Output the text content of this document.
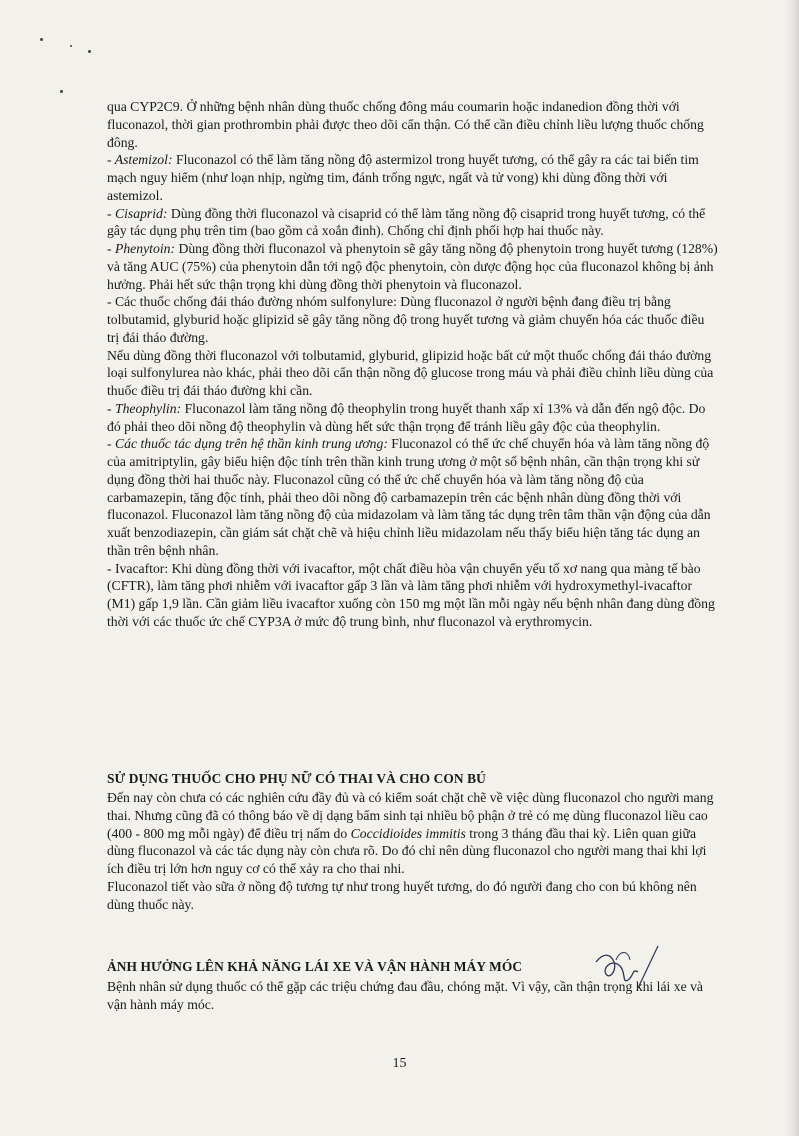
qua CYP2C9. Ở những bệnh nhân dùng thuốc chống đông máu coumarin hoặc indanedion đồng thời với fluconazol, thời gian prothrombin phải được theo dõi cẩn thận. Có thể cần điều chỉnh liều lượng thuốc chống đông.

- Astemizol: Fluconazol có thể làm tăng nồng độ astermizol trong huyết tương, có thể gây ra các tai biến tim mạch nguy hiểm (như loạn nhịp, ngừng tim, đánh trống ngực, ngất và tử vong) khi dùng đồng thời với astemizol.

- Cisaprid: Dùng đồng thời fluconazol và cisaprid có thể làm tăng nồng độ cisaprid trong huyết tương, có thể gây tác dụng phụ trên tim (bao gồm cả xoắn đinh). Chống chỉ định phối hợp hai thuốc này.

- Phenytoin: Dùng đồng thời fluconazol và phenytoin sẽ gây tăng nồng độ phenytoin trong huyết tương (128%) và tăng AUC (75%) của phenytoin dẫn tới ngộ độc phenytoin, còn dược động học của fluconazol không bị ảnh hưởng. Phải hết sức thận trọng khi dùng đồng thời phenytoin và fluconazol.

- Các thuốc chống đái tháo đường nhóm sulfonylure: Dùng fluconazol ở người bệnh đang điều trị bằng tolbutamid, glyburid hoặc glipizid sẽ gây tăng nồng độ trong huyết tương và giảm chuyển hóa các thuốc điều trị đái tháo đường.

Nếu dùng đồng thời fluconazol với tolbutamid, glyburid, glipizid hoặc bất cứ một thuốc chống đái tháo đường loại sulfonylurea nào khác, phải theo dõi cẩn thận nồng độ glucose trong máu và phải điều chỉnh liều dùng của thuốc điều trị đái tháo đường khi cần.

- Theophylin: Fluconazol làm tăng nồng độ theophylin trong huyết thanh xấp xỉ 13% và dẫn đến ngộ độc. Do đó phải theo dõi nồng độ theophylin và dùng hết sức thận trọng để tránh liều gây độc của theophylin.

- Các thuốc tác dụng trên hệ thần kinh trung ương: Fluconazol có thể ức chế chuyển hóa và làm tăng nồng độ của amitriptylin, gây biểu hiện độc tính trên thần kinh trung ương ở một số bệnh nhân, cần thận trọng khi sử dụng đồng thời hai thuốc này. Fluconazol cũng có thể ức chế chuyển hóa và làm tăng nồng độ của carbamazepin, tăng độc tính, phải theo dõi nồng độ carbamazepin trên các bệnh nhân dùng đồng thời với fluconazol. Fluconazol làm tăng nồng độ của midazolam và làm tăng tác dụng trên tâm thần vận động của dẫn xuất benzodiazepin, cần giám sát chặt chẽ và hiệu chỉnh liều midazolam nếu thấy biểu hiện tăng tác dụng an thần trên bệnh nhân.

- Ivacaftor: Khi dùng đồng thời với ivacaftor, một chất điều hòa vận chuyển yếu tố xơ nang qua màng tế bào (CFTR), làm tăng phơi nhiễm với ivacaftor gấp 3 lần và làm tăng phơi nhiễm với hydroxymethyl-ivacaftor (M1) gấp 1,9 lần. Cần giảm liều ivacaftor xuống còn 150 mg một lần mỗi ngày nếu bệnh nhân đang dùng đồng thời với các thuốc ức chế CYP3A ở mức độ trung bình, như fluconazol và erythromycin.

SỬ DỤNG THUỐC CHO PHỤ NỮ CÓ THAI VÀ CHO CON BÚ

Đến nay còn chưa có các nghiên cứu đầy đủ và có kiểm soát chặt chẽ về việc dùng fluconazol cho người mang thai. Nhưng cũng đã có thông báo về dị dạng bẩm sinh tại nhiều bộ phận ở trẻ có mẹ dùng fluconazol liều cao (400 - 800 mg mỗi ngày) để điều trị nấm do Coccidioides immitis trong 3 tháng đầu thai kỳ. Liên quan giữa dùng fluconazol và các tác dụng này còn chưa rõ. Do đó chỉ nên dùng fluconazol cho người mang thai khi lợi ích điều trị lớn hơn nguy cơ có thể xảy ra cho thai nhi.

Fluconazol tiết vào sữa ở nồng độ tương tự như trong huyết tương, do đó người đang cho con bú không nên dùng thuốc này.

ẢNH HƯỞNG LÊN KHẢ NĂNG LÁI XE VÀ VẬN HÀNH MÁY MÓC

Bệnh nhân sử dụng thuốc có thể gặp các triệu chứng đau đầu, chóng mặt. Vì vậy, cần thận trọng khi lái xe và vận hành máy móc.

15
